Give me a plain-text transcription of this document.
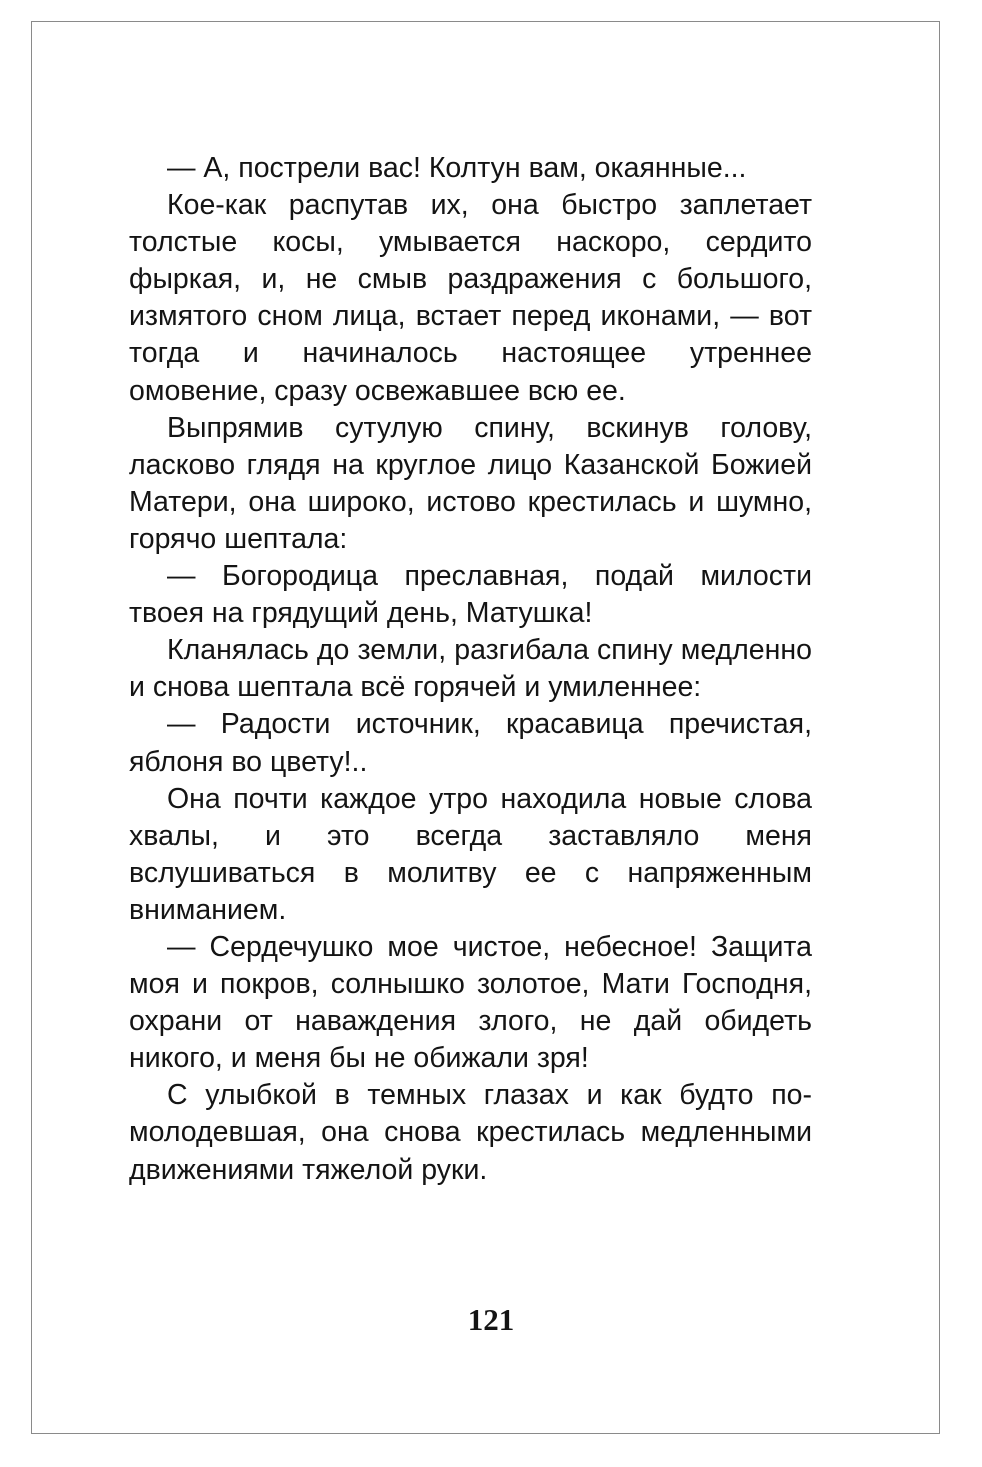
— А, пострели вас! Колтун вам, окаянные...

Кое-как распутав их, она быстро заплетает толстые косы, умывается наскоро, сердито фыркая, и, не смыв раздражения с большого, измятого сном лица, встает перед иконами, — вот тогда и начиналось настоящее утреннее омовение, сразу освежавшее всю ее.

Выпрямив сутулую спину, вскинув голову, ласково глядя на круглое лицо Казанской Божией Матери, она широко, истово крестилась и шумно, горячо шептала:

— Богородица преславная, подай милости твоея на грядущий день, Матушка!

Кланялась до земли, разгибала спину медленно и снова шептала всё горячей и умиленнее:

— Радости источник, красавица пречистая, яблоня во цвету!..

Она почти каждое утро находила новые слова хвалы, и это всегда заставляло меня вслушиваться в молитву ее с напряженным вниманием.

— Сердечушко мое чистое, небесное! Защита моя и покров, солнышко золотое, Мати Господня, охрани от наваждения злого, не дай обидеть никого, и меня бы не обижали зря!

С улыбкой в темных глазах и как будто помолодевшая, она снова крестилась медленными движениями тяжелой руки.

121
